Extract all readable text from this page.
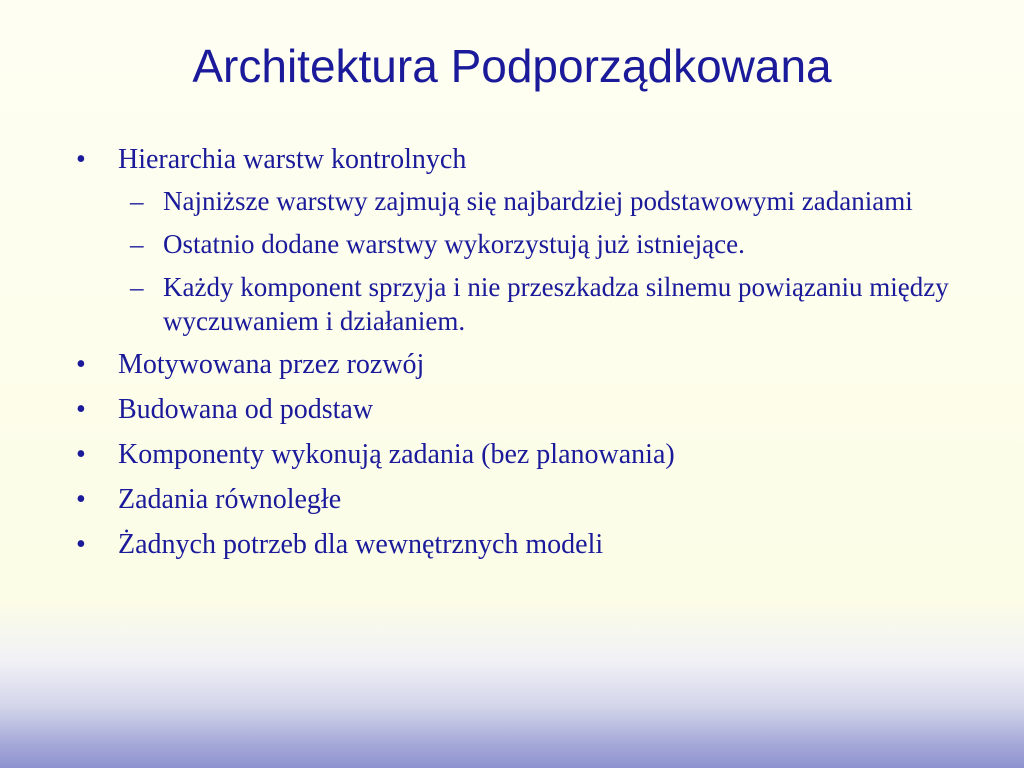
Architektura Podporządkowana
• Hierarchia warstw kontrolnych
– Najniższe warstwy zajmują się najbardziej podstawowymi zadaniami
– Ostatnio dodane warstwy wykorzystują już istniejące.
– Każdy komponent sprzyja i nie przeszkadza silnemu powiązaniu między wyczuwaniem i działaniem.
• Motywowana przez rozwój
• Budowana od podstaw
• Komponenty wykonują zadania (bez planowania)
• Zadania równoległe
• Żadnych potrzeb dla wewnętrznych modeli
